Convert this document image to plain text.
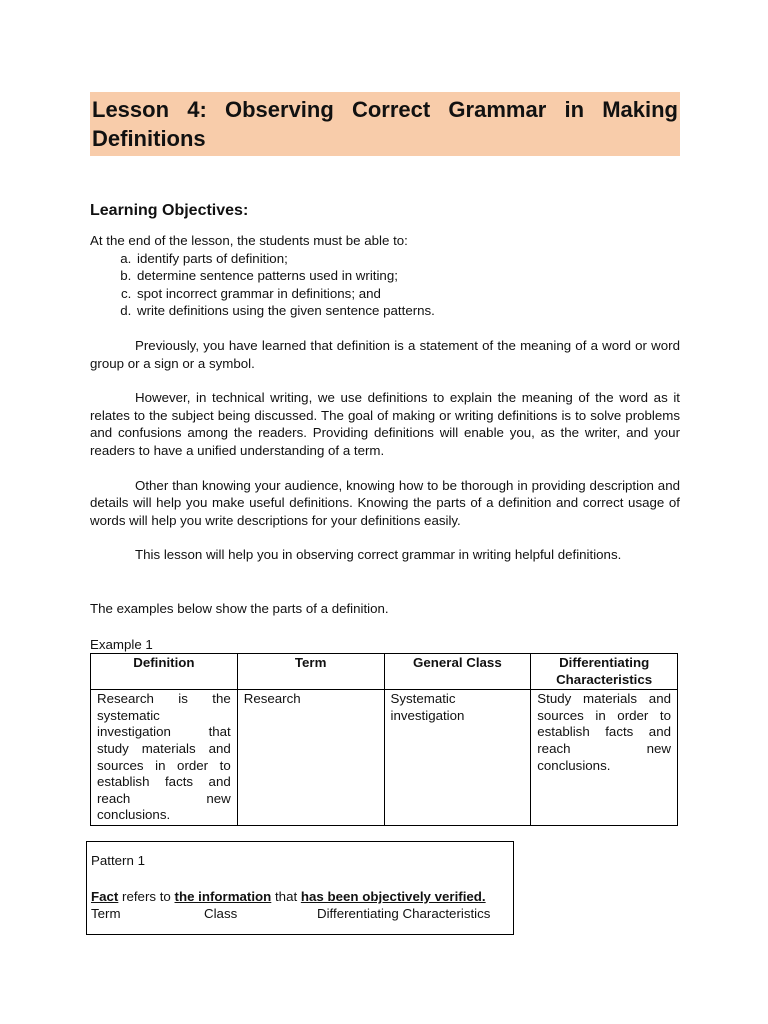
Lesson 4: Observing Correct Grammar in Making Definitions

Learning Objectives:

At the end of the lesson, the students must be able to:

a. identify parts of definition;
b. determine sentence patterns used in writing;
c. spot incorrect grammar in definitions; and
d. write definitions using the given sentence patterns.

Previously, you have learned that definition is a statement of the meaning of a word or word group or a sign or a symbol.

However, in technical writing, we use definitions to explain the meaning of the word as it relates to the subject being discussed. The goal of making or writing definitions is to solve problems and confusions among the readers. Providing definitions will enable you, as the writer, and your readers to have a unified understanding of a term.

Other than knowing your audience, knowing how to be thorough in providing description and details will help you make useful definitions. Knowing the parts of a definition and correct usage of words will help you write descriptions for your definitions easily.

This lesson will help you in observing correct grammar in writing helpful definitions.

The examples below show the parts of a definition.

Example 1

Definition	Term	General Class	Differentiating Characteristics
Research is the systematic investigation that study materials and sources in order to establish facts and reach new conclusions.	Research	Systematic investigation	Study materials and sources in order to establish facts and reach new conclusions.
Pattern 1
Fact refers to the information that has been objectively verified.
Term	Class	Differentiating Characteristics
